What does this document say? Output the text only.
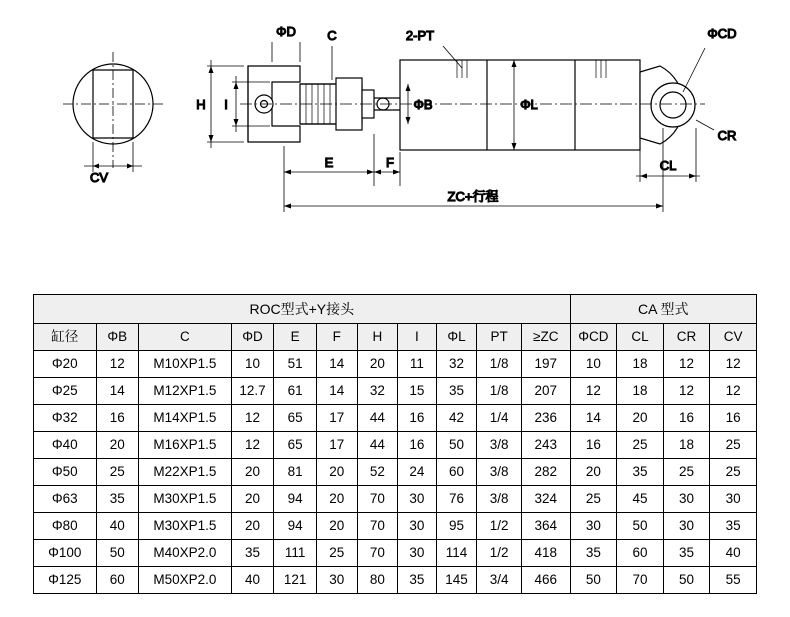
CV
ΦD C	2-PT	ΦCD
CR
H I	ΦB	ΦL
E	F	CL
ZC+行程
ROC型式+Y接头											CA 型式			
缸径	ΦB	C	ΦD	E	F	H	I	ΦL	PT	≥ZC	ΦCD	CL	CR	CV
Φ20	12	M10XP1.5	10	51	14	20	11	32	1/8	197	10	18	12	12
Φ25	14	M12XP1.5	12.7	61	14	32	15	35	1/8	207	12	18	12	12
Φ32	16	M14XP1.5	12	65	17	44	16	42	1/4	236	14	20	16	16
Φ40	20	M16XP1.5	12	65	17	44	16	50	3/8	243	16	25	18	25
Φ50	25	M22XP1.5	20	81	20	52	24	60	3/8	282	20	35	25	25
Φ63	35	M30XP1.5	20	94	20	70	30	76	3/8	324	25	45	30	30
Φ80	40	M30XP1.5	20	94	20	70	30	95	1/2	364	30	50	30	35
Φ100	50	M40XP2.0	35	111	25	70	30	114	1/2	418	35	60	35	40
Φ125	60	M50XP2.0	40	121	30	80	35	145	3/4	466	50	70	50	55
